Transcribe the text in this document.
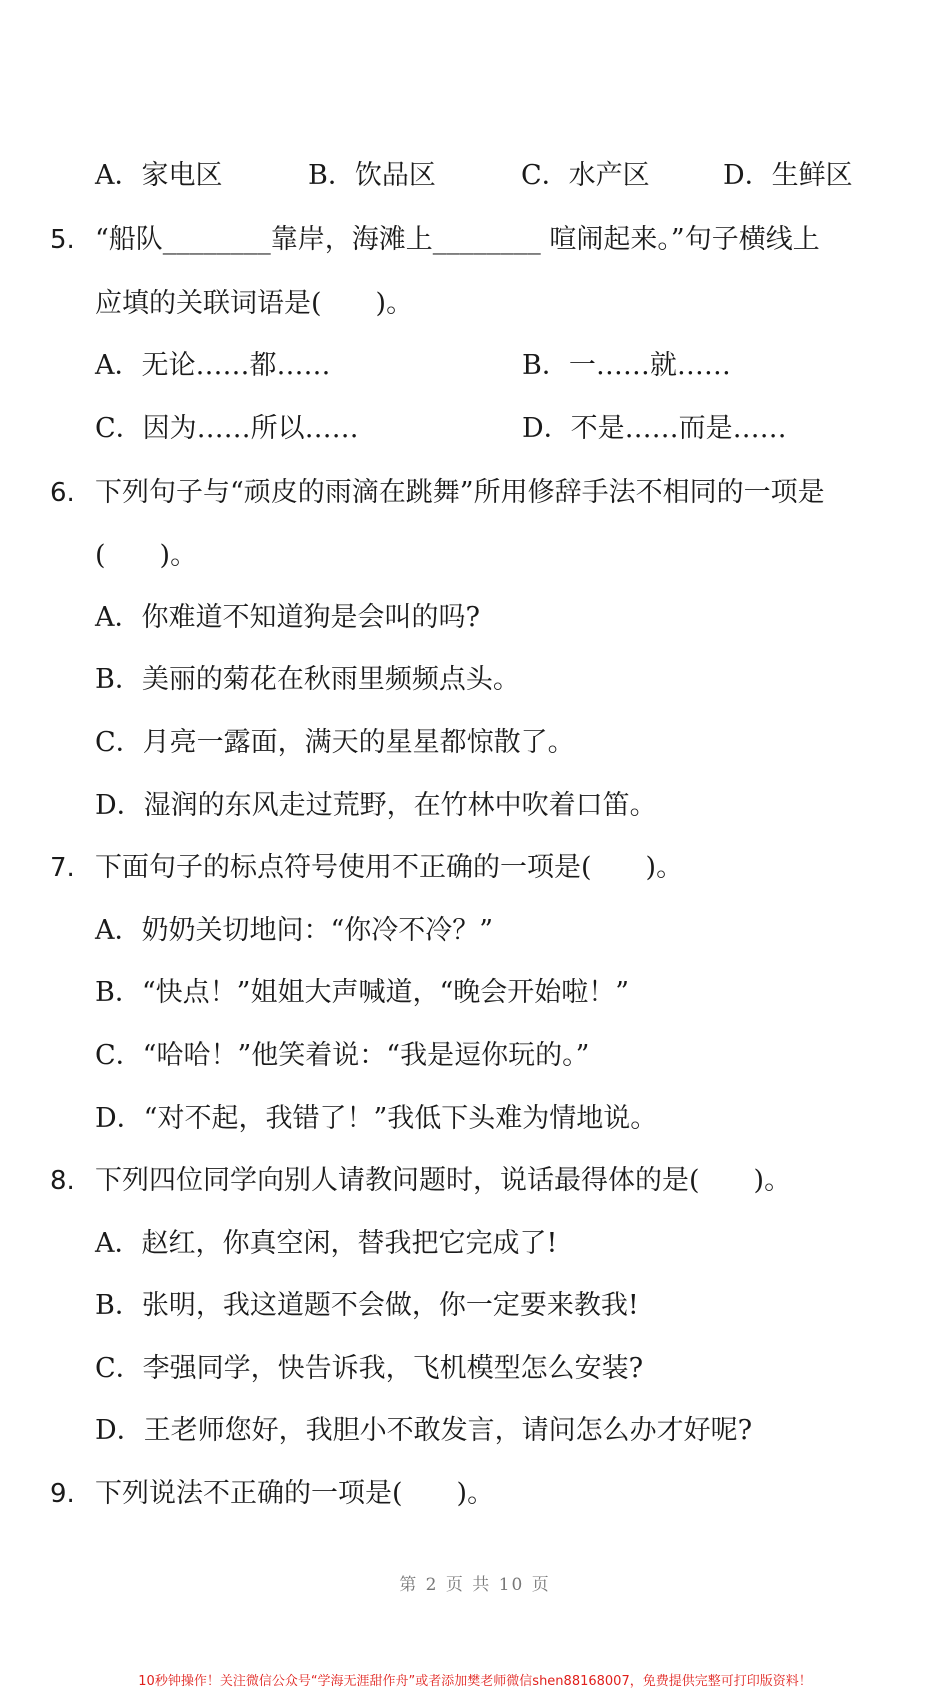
A．家电区	B．饮品区	C．水产区	D．生鲜区
5. “船队________靠岸，海滩上________ 喧闹起来。”句子横线上
应填的关联词语是(　　)。
A．无论……都……	B．一……就……
C．因为……所以……	D．不是……而是……
6. 下列句子与“顽皮的雨滴在跳舞”所用修辞手法不相同的一项是
(　　)。
A．你难道不知道狗是会叫的吗?
B．美丽的菊花在秋雨里频频点头。
C．月亮一露面，满天的星星都惊散了。
D．湿润的东风走过荒野，在竹林中吹着口笛。
7. 下面句子的标点符号使用不正确的一项是(　　)。
A．奶奶关切地问：“你冷不冷？”
B．“快点！”姐姐大声喊道，“晚会开始啦！”
C．“哈哈！”他笑着说：“我是逗你玩的。”
D．“对不起，我错了！”我低下头难为情地说。
8. 下列四位同学向别人请教问题时，说话最得体的是(　　)。
A．赵红，你真空闲，替我把它完成了!
B．张明，我这道题不会做，你一定要来教我!
C．李强同学，快告诉我，飞机模型怎么安装?
D．王老师您好，我胆小不敢发言，请问怎么办才好呢?
9. 下列说法不正确的一项是(　　)。
第 2 页 共 10 页
10秒钟操作！关注微信公众号“学海无涯甜作舟”或者添加樊老师微信shen88168007，免费提供完整可打印版资料！
